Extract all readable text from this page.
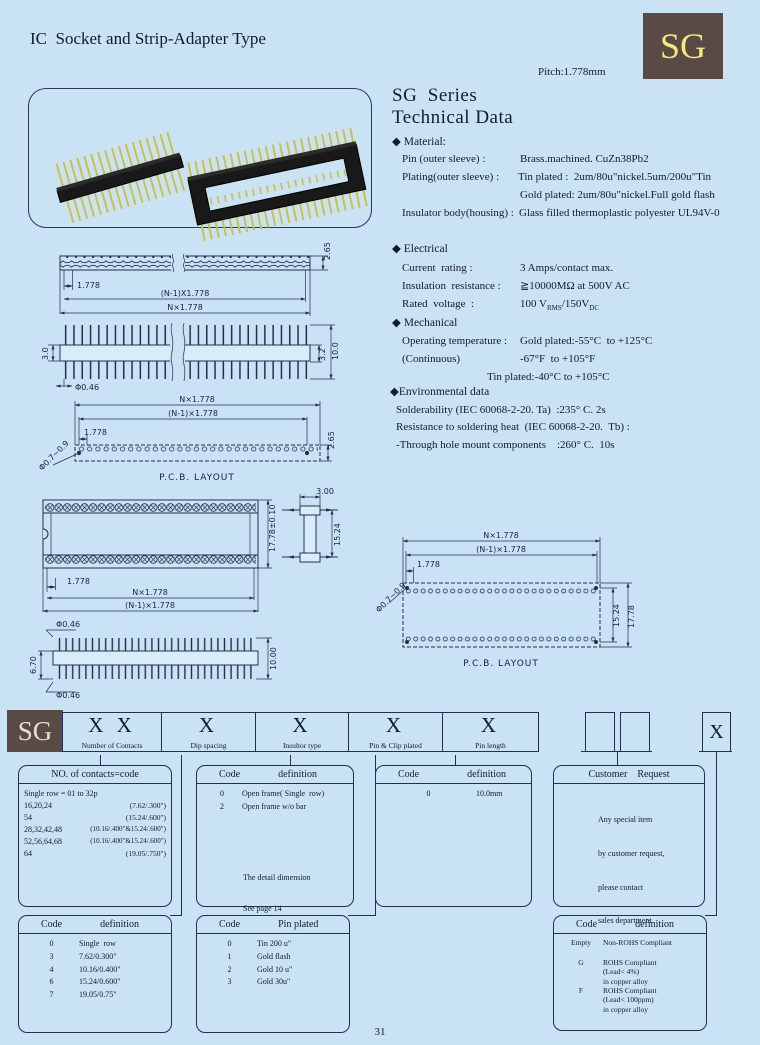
IC  Socket and Strip-Adapter Type	SG
Pitch:1.778mm
SG  Series
Technical Data
◆ Material:
Pin (outer sleeve) :	Brass.machined. CuZn38Pb2
Plating(outer sleeve) : Tin plated :  2um/80u"nickel.5um/200u"Tin
Gold plated: 2um/80u"nickel.Full gold flash
Insulator body(housing) : Glass filled thermoplastic polyester UL94V-0
◆ Electrical
Current  rating :	3 Amps/contact max.
Insulation  resistance : ≧10000MΩ at 500V AC
Rated  voltage  :	100 $V_{RMS}/150V_{DC}$
◆ Mechanical
Operating temperature : Gold plated:-55°C  to +125°C
(Continuous)	-67°F  to +105°F
Tin plated:-40°C to +105°C
◆Environmental data
Solderability (IEC 60068-2-20. Ta)  :235° C. 2s
Resistance to soldering heat  (IEC 60068-2-20.  Tb) :
-Through hole mount components    :260° C.  10s
2.65
1.778
(N-1)X1.778
N×1.778
3.0
Φ0.46
3.2 10.0
N×1.778
(N-1)×1.778
1.778	2.65
Φ0.7~0.9
P.C.B. LAYOUT
17.78±0.10
1.778
N×1.778
(N-1)×1.778
3.00
15.24
Φ0.46
6.70
Φ0.46
10.00
N×1.778
(N-1)×1.778
1.778
Φ0.7~0.9
15.24 17.78
P.C.B. LAYOUT
SG	X X
Number of Contacts
X
Dip spacing
X
Insultor type
X
Pin & Clip plated
X
Pin length
X
NO. of contacts=code
Single row = 01 to 32p
16,20,24	(7.62/.300")
54	(15.24/.600")
28,32,42,48	(10.16/.400"&15.24/.600")
52,56,64,68	(10.16/.400"&15.24/.600")
64	(19.05/.750")
Code	definition
0	Open frame( Single  row)
2	Open frame w/o bar

The detail dimension

See page 14

Code	definition
0	10.0mm
Customer    Request

Any special item

by customer request,

please contact

sales department

Code	definition
0	Single  row
3	7.62/0.300"
4	10.16/0.400"
6	15.24/0.600"
7	19.05/0.75"
Code	Pin plated
0	Tin 200 u"
1	Gold flash
2	Gold 10 u"
3	Gold 30u"
Code	definition
Empty	Non-ROHS Compliant
G	ROHS Compliant
(Lead< 4%)
in copper alloy
F	ROHS Compliant
(Lead< 100ppm)
in copper alloy
31
